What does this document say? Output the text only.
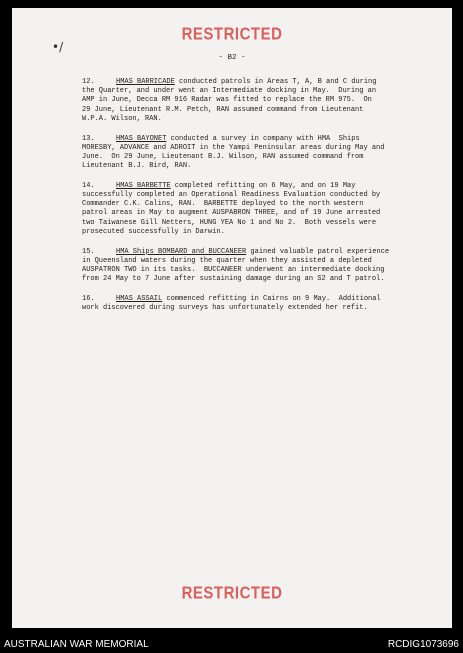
RESTRICTED
•/
- B2 -
12.	HMAS BARRICADE conducted patrols in Areas T, A, B and C during
the Quarter, and under went an Intermediate docking in May.  During an
AMP in June, Decca RM 916 Radar was fitted to replace the RM 975.  On
29 June, Lieutenant R.M. Petch, RAN assumed command from Lieutenant
W.P.A. Wilson, RAN.
13.	HMAS BAYONET conducted a survey in company with HMA  Ships
MORESBY, ADVANCE and ADROIT in the Yampi Peninsular areas during May and
June.  On 29 June, Lieutenant B.J. Wilson, RAN assumed command from
Lieutenant B.J. Bird, RAN.
14.	HMAS BARBETTE completed refitting on 6 May, and on 19 May
successfully completed an Operational Readiness Evaluation conducted by
Commander C.K. Calins, RAN.  BARBETTE deployed to the north western
patrol areas in May to augment AUSPABRON THREE, and of 19 June arrested
two Taiwanese Gill Netters, HUNG YEA No 1 and No 2.  Both vessels were
prosecuted successfully in Darwin.
15.	HMA Ships BOMBARD and BUCCANEER gained valuable patrol experience
in Queensland waters during the quarter when they assisted a depleted
AUSPATRON TWO in its tasks.  BUCCANEER underwent an intermediate docking
from 24 May to 7 June after sustaining damage during an S2 and T patrol.
16.	HMAS ASSAIL commenced refitting in Cairns on 9 May.  Additional
work discovered during surveys has unfortunately extended her refit.
RESTRICTED
AUSTRALIAN WAR MEMORIAL	RCDIG1073696
